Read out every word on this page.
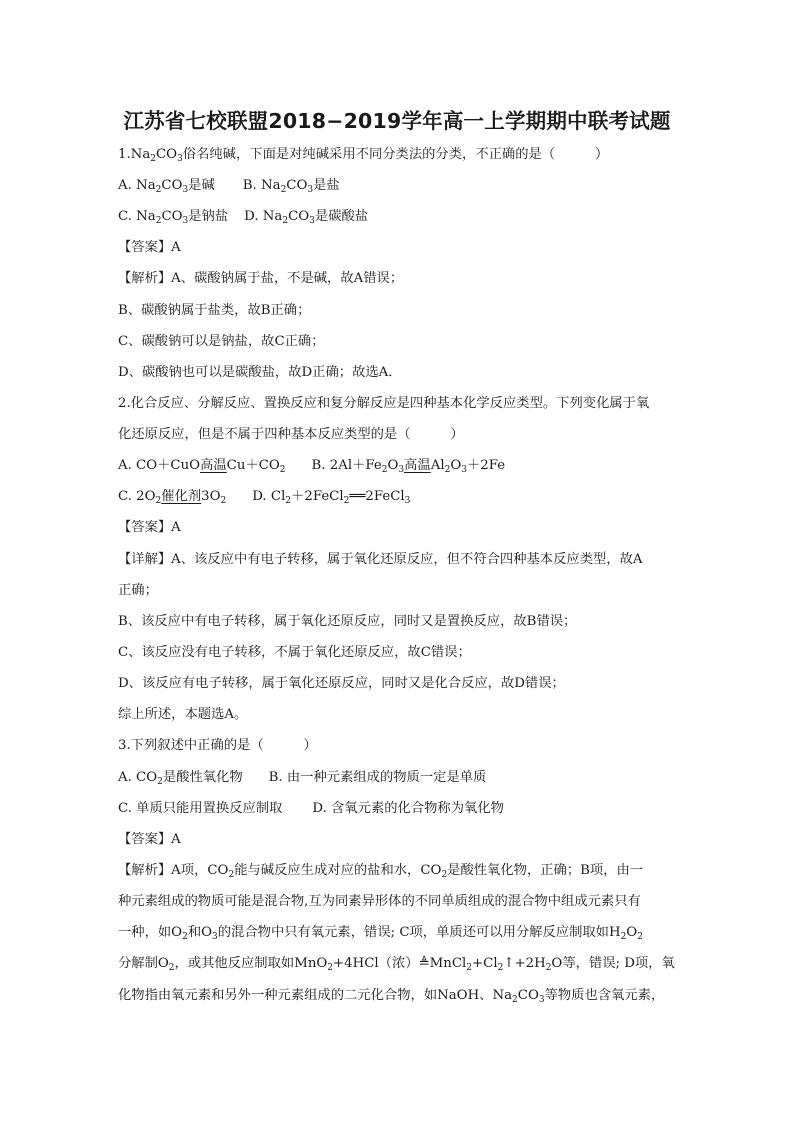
江苏省七校联盟2018−2019学年高一上学期期中联考试题
$1.Na_2CO_3$俗名纯碱，下面是对纯碱采用不同分类法的分类，不正确的是（　　　）
A. $Na_2CO_3$是碱 B. $Na_2CO_3$是盐
C. $Na_2CO_3$是钠盐 D. $Na_2CO_3$是碳酸盐
【答案】A
【解析】A、碳酸钠属于盐，不是碱，故A错误；
B、碳酸钠属于盐类，故B正确；
C、碳酸钠可以是钠盐，故C正确；
D、碳酸钠也可以是碳酸盐，故D正确；故选A．
2.化合反应、分解反应、置换反应和复分解反应是四种基本化学反应类型。下列变化属于氧
化还原反应，但是不属于四种基本反应类型的是（　　　）
A. CO＋CuO高温$Cu+CO_2$ B. $2Al+Fe_2O_3$高温$Al_2O_3+2Fe$
C. $2O_2$催化剂$3O_2$ D. $Cl_2+2FeCl_2══2FeCl_3$
【答案】A
【详解】A、该反应中有电子转移，属于氧化还原反应，但不符合四种基本反应类型，故A
正确；
B、该反应中有电子转移，属于氧化还原反应，同时又是置换反应，故B错误；
C、该反应没有电子转移，不属于氧化还原反应，故C错误；
D、该反应有电子转移，属于氧化还原反应，同时又是化合反应，故D错误；
综上所述，本题选A。
3.下列叙述中正确的是（　　　）
A. $CO_2$是酸性氧化物 B. 由一种元素组成的物质一定是单质
C. 单质只能用置换反应制取 D. 含氧元素的化合物称为氧化物
【答案】A
【解析】A项，$CO_2$能与碱反应生成对应的盐和水，$CO_2$是酸性氧化物，正确；B项，由一
种元素组成的物质可能是混合物,互为同素异形体的不同单质组成的混合物中组成元素只有
一种，如$O_2$和$O_3$的混合物中只有氧元素，错误; C项，单质还可以用分解反应制取如$H_2O_2$
分解制$O_2$，或其他反应制取如MnO$_2$+4HCl（浓）$≜MnCl_2+Cl_2↑+2H_2O$等，错误; D项，氧
化物指由氧元素和另外一种元素组成的二元化合物，如NaOH、$Na_2CO_3$等物质也含氧元素，
